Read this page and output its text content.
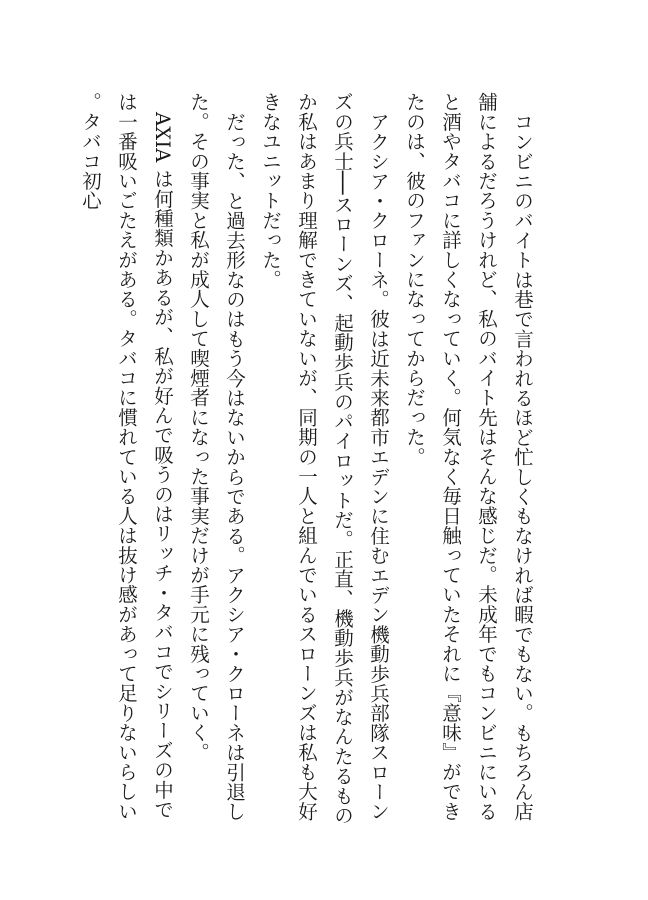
コンビニのバイトは巷で言われるほど忙しくもなければ暇でもない。もちろん店舗によるだろうけれど、私のバイト先はそんな感じだ。未成年でもコンビニにいると酒やタバコに詳しくなっていく。何気なく毎日触っていたそれに『意味』ができたのは、彼のファンになってからだった。

アクシア・クローネ。彼は近未来都市エデンに住むエデン機動歩兵部隊スローンズの兵士──スローンズ、起動歩兵のパイロットだ。正直、機動歩兵がなんたるものか私はあまり理解できていないが、同期の一人と組んでいるスローンズは私も大好きなユニットだった。

だった、と過去形なのはもう今はないからである。アクシア・クローネは引退した。その事実と私が成人して喫煙者になった事実だけが手元に残っていく。

AXIA は何種類かあるが、私が好んで吸うのはリッチ・タバコでシリーズの中では一番吸いごたえがある。タバコに慣れている人は抜け感があって足りないらしい。タバコ初心
